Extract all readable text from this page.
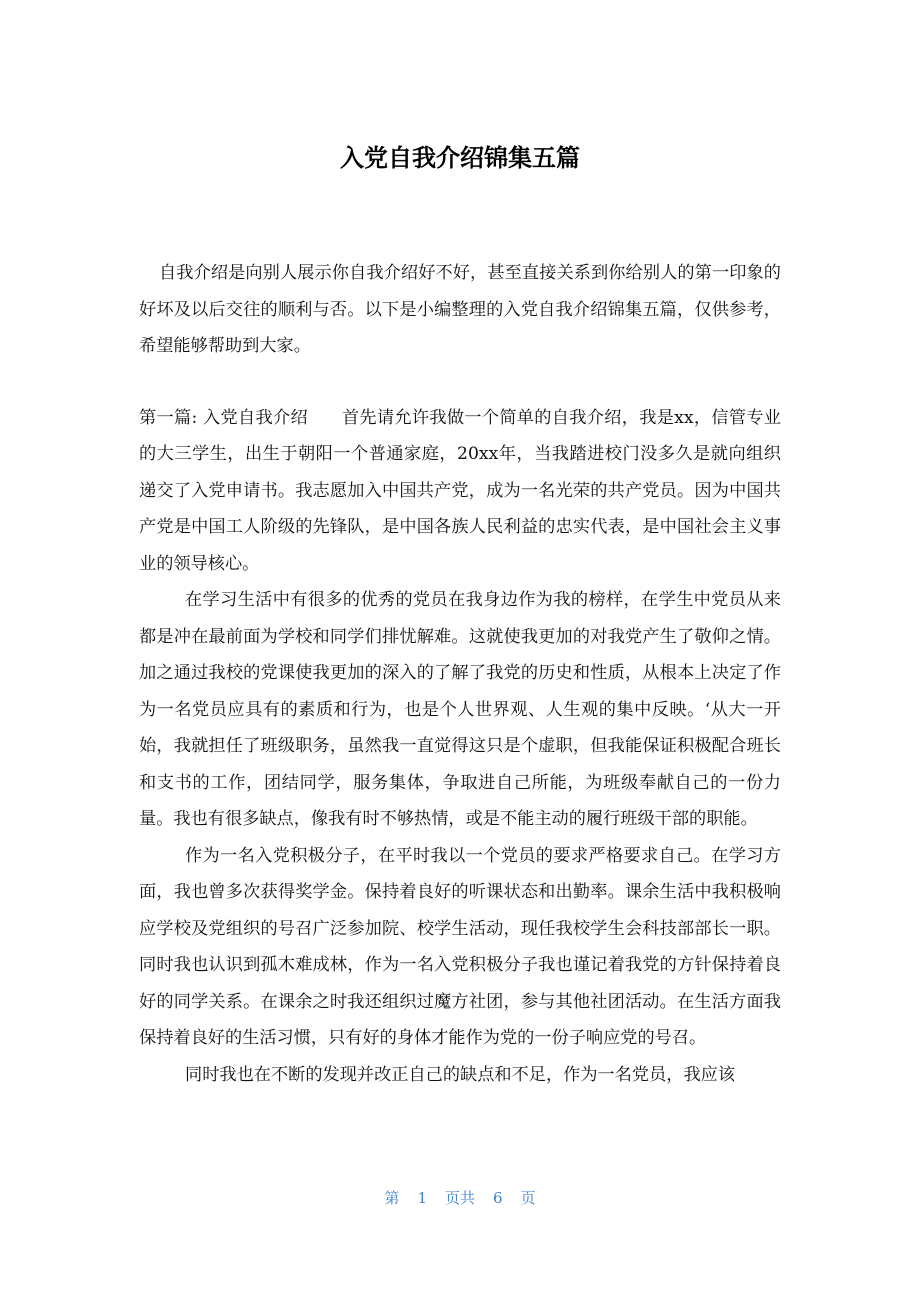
入党自我介绍锦集五篇

自我介绍是向别人展示你自我介绍好不好，甚至直接关系到你给别人的第一印象的好坏及以后交往的顺利与否。以下是小编整理的入党自我介绍锦集五篇，仅供参考，希望能够帮助到大家。

第一篇: 入党自我介绍 首先请允许我做一个简单的自我介绍，我是xx，信管专业的大三学生，出生于朝阳一个普通家庭，20xx年，当我踏进校门没多久是就向组织递交了入党申请书。我志愿加入中国共产党，成为一名光荣的共产党员。因为中国共产党是中国工人阶级的先锋队，是中国各族人民利益的忠实代表，是中国社会主义事业的领导核心。

在学习生活中有很多的优秀的党员在我身边作为我的榜样，在学生中党员从来都是冲在最前面为学校和同学们排忧解难。这就使我更加的对我党产生了敬仰之情。加之通过我校的党课使我更加的深入的了解了我党的历史和性质，从根本上决定了作为一名党员应具有的素质和行为，也是个人世界观、人生观的集中反映。‘从大一开始，我就担任了班级职务，虽然我一直觉得这只是个虚职，但我能保证积极配合班长和支书的工作，团结同学，服务集体，争取进自己所能，为班级奉献自己的一份力量。我也有很多缺点，像我有时不够热情，或是不能主动的履行班级干部的职能。

作为一名入党积极分子，在平时我以一个党员的要求严格要求自己。在学习方面，我也曾多次获得奖学金。保持着良好的听课状态和出勤率。课余生活中我积极响应学校及党组织的号召广泛参加院、校学生活动，现任我校学生会科技部部长一职。同时我也认识到孤木难成林，作为一名入党积极分子我也谨记着我党的方针保持着良好的同学关系。在课余之时我还组织过魔方社团，参与其他社团活动。在生活方面我保持着良好的生活习惯，只有好的身体才能作为党的一份子响应党的号召。

同时我也在不断的发现并改正自己的缺点和不足，作为一名党员，我应该

第 1 页共 6 页
